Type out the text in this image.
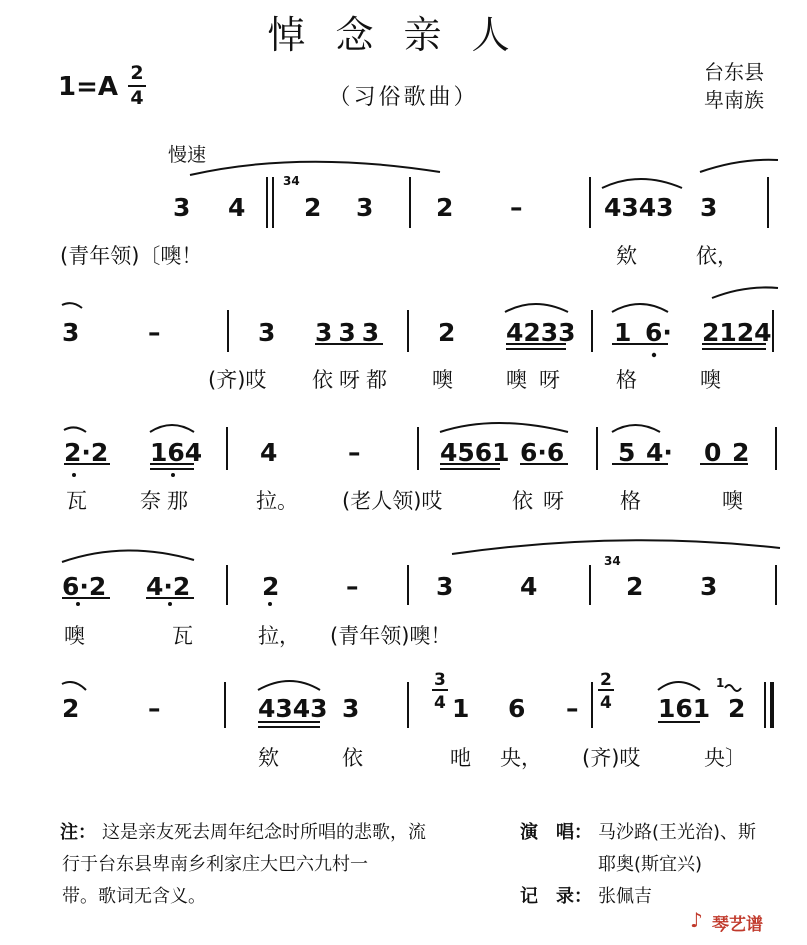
悼念亲人
1=A 2
4	（习俗歌曲）
台东县
卑南族
慢速
3 4
34
2 3	2 –	4343 3
(青年领)〔噢！	欸	依，
3	–	3 333 2 4233 1 6· 2124
(齐)哎 依呀都 噢	噢呀 格	噢
2·2 164 4	–	4561 6·6 5 4· 0 2
瓦	奈那	拉。 (老人领)哎	依呀 格	噢
6·2 4·2	2	–	3	4
34
2 3
噢	瓦	拉， (青年领)噢！
2	–	4343 3
3
4 1 6 –
2
4 161
1
2
欸	依	吔 央， (齐)哎	央〕
注： 这是亲友死去周年纪念时所唱的悲歌，流
行于台东县卑南乡利家庄大巴六九村一
带。歌词无含义。
演　唱： 马沙路(王光治)、斯
耶奥(斯宜兴)
记　录： 张佩吉
♪ 琴艺谱
